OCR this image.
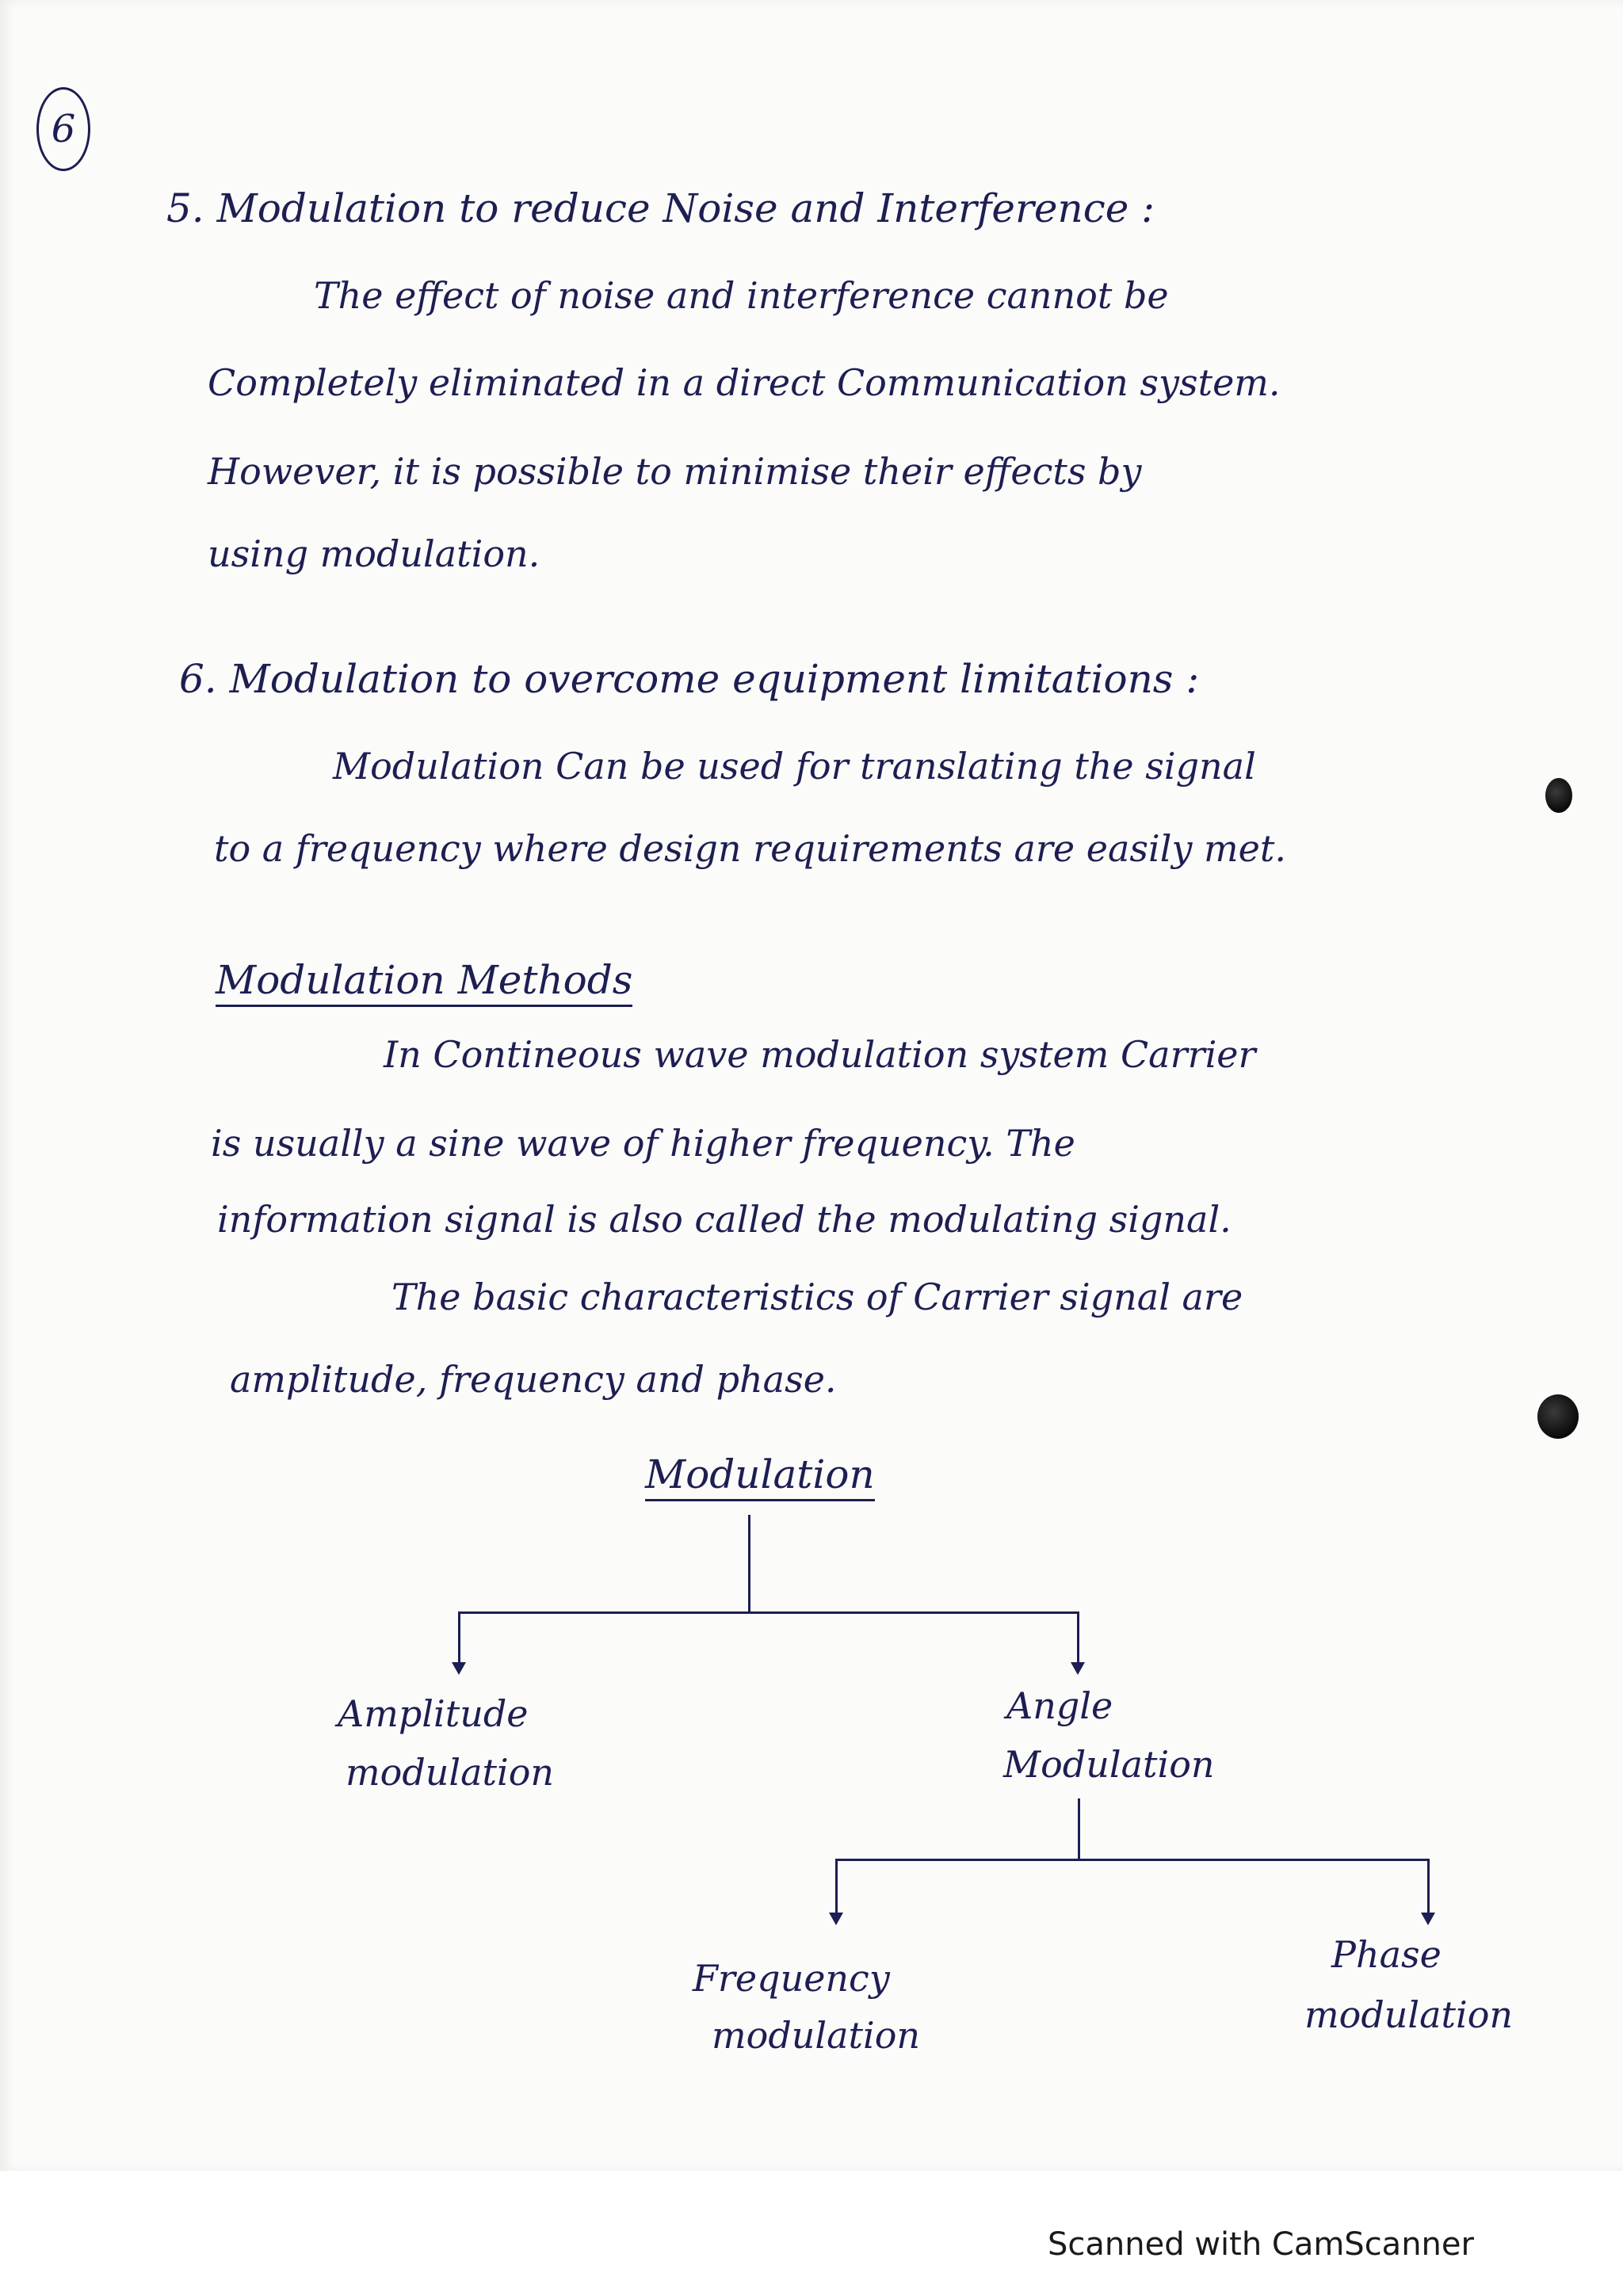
6
5. Modulation to reduce Noise and Interference :
The effect of noise and interference cannot be
Completely eliminated in a direct Communication system.
However, it is possible to minimise their effects by
using modulation.
6. Modulation to overcome equipment limitations :
Modulation Can be used for translating the signal
to a frequency where design requirements are easily met.
Modulation Methods
In Contineous wave modulation system Carrier
is usually a sine wave of higher frequency. The
information signal is also called the modulating signal.
The basic characteristics of Carrier signal are
amplitude, frequency and phase.
Modulation
Amplitude
modulation
Angle
Modulation
Frequency
modulation
Phase
modulation
Scanned with CamScanner
